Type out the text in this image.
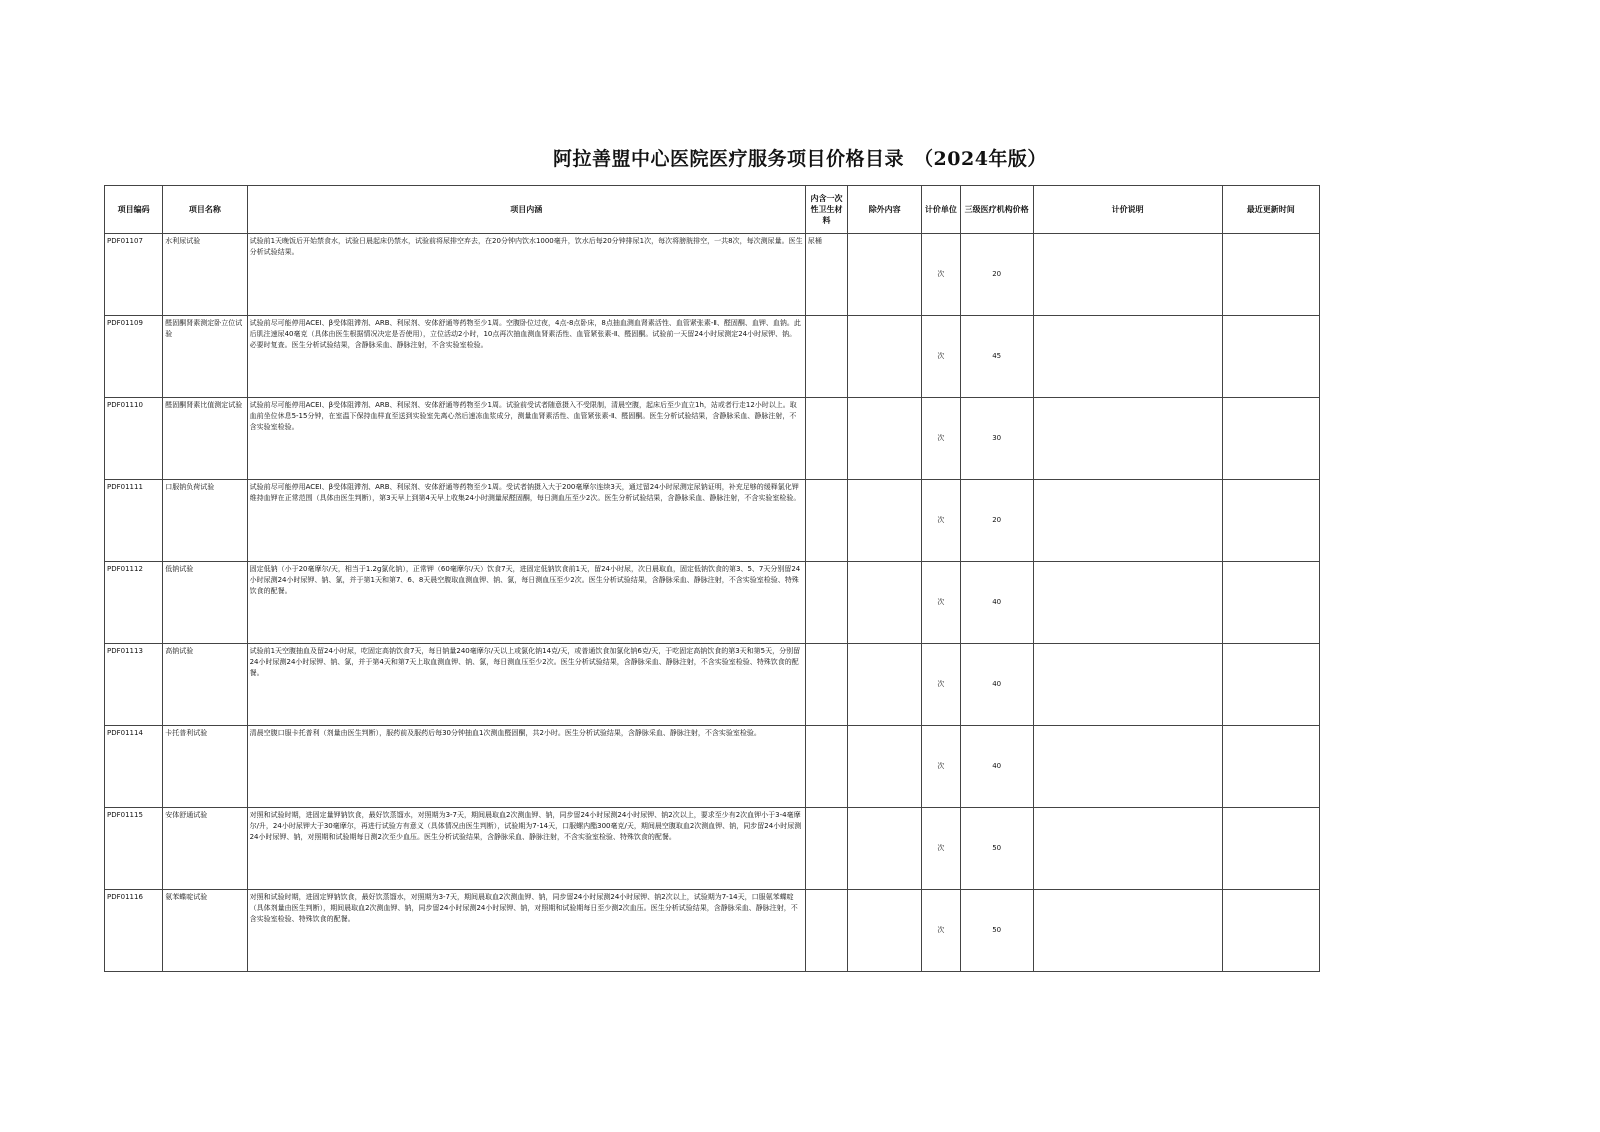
阿拉善盟中心医院医疗服务项目价格目录　（2024年版）
项目编码	项目名称	项目内涵	内含一次性卫生材料	除外内容	计价单位	三级医疗机构价格	计价说明	最近更新时间
PDF01107	水利尿试验	试验前1天晚饭后开始禁食水，试验日晨起床仍禁水，试验前将尿排空弃去，在20分钟内饮水1000毫升，饮水后每20分钟排尿1次，每次将膀胱排空，一共8次，每次测尿量。医生分析试验结果。	尿桶		次	20		
PDF01109	醛固酮肾素测定卧立位试验	试验前尽可能停用ACEI、β受体阻滞剂、ARB、利尿剂、安体舒通等药物至少1周。空腹卧位过夜，4点-8点卧床，8点抽血测血肾素活性、血管紧张素-Ⅱ、醛固酮、血钾、血钠。此后肌注速尿40毫克（具体由医生根据情况决定是否使用），立位活动2小时，10点再次抽血测血肾素活性、血管紧张素-Ⅱ、醛固酮。试验前一天留24小时尿测定24小时尿钾、钠。必要时复查。医生分析试验结果，含静脉采血、静脉注射，不含实验室检验。			次	45		
PDF01110	醛固酮肾素比值测定试验	试验前尽可能停用ACEI、β受体阻滞剂、ARB、利尿剂、安体舒通等药物至少1周。试验前受试者随意摄入不受限制，清晨空腹，起床后至少直立1h，站或者行走12小时以上。取血前坐位休息5-15分钟，在室温下保持血样直至送到实验室先离心然后速冻血浆成分，测量血肾素活性、血管紧张素-Ⅱ、醛固酮。医生分析试验结果，含静脉采血、静脉注射，不含实验室检验。			次	30		
PDF01111	口服钠负荷试验	试验前尽可能停用ACEI、β受体阻滞剂、ARB、利尿剂、安体舒通等药物至少1周。受试者钠摄入大于200毫摩尔连续3天，通过留24小时尿测定尿钠证明，补充足够的缓释氯化钾维持血钾在正常范围（具体由医生判断），第3天早上到第4天早上收集24小时测量尿醛固酮，每日测血压至少2次。医生分析试验结果，含静脉采血、静脉注射，不含实验室检验。			次	20		
PDF01112	低钠试验	固定低钠（小于20毫摩尔/天，相当于1.2g氯化钠），正常钾（60毫摩尔/天）饮食7天，进固定低钠饮食前1天，留24小时尿，次日晨取血，固定低钠饮食的第3、5、7天分别留24小时尿测24小时尿钾、钠、氯，并于第1天和第7、6、8天晨空腹取血测血钾、钠、氯，每日测血压至少2次。医生分析试验结果，含静脉采血、静脉注射，不含实验室检验、特殊饮食的配餐。			次	40		
PDF01113	高钠试验	试验前1天空腹抽血及留24小时尿，吃固定高钠饮食7天，每日钠量240毫摩尔/天以上或氯化钠14克/天，或普通饮食加氯化钠6克/天，于吃固定高钠饮食的第3天和第5天，分别留24小时尿测24小时尿钾、钠、氯，并于第4天和第7天上取血测血钾、钠、氯，每日测血压至少2次。医生分析试验结果，含静脉采血、静脉注射，不含实验室检验、特殊饮食的配餐。			次	40		
PDF01114	卡托普利试验	清晨空腹口服卡托普利（剂量由医生判断），服药前及服药后每30分钟抽血1次测血醛固酮，共2小时。医生分析试验结果，含静脉采血、静脉注射，不含实验室检验。			次	40		
PDF01115	安体舒通试验	对照和试验时期，进固定量钾钠饮食，最好饮蒸馏水，对照期为3-7天，期间晨取血2次测血钾、钠，同步留24小时尿测24小时尿钾、钠2次以上，要求至少有2次血钾小于3-4毫摩尔/升，24小时尿钾大于30毫摩尔，再进行试验方有意义（具体情况由医生判断），试验期为7-14天，口服螺内酯300毫克/天，期间晨空腹取血2次测血钾、钠，同步留24小时尿测24小时尿钾、钠，对照期和试验期每日测2次至少血压。医生分析试验结果，含静脉采血、静脉注射，不含实验室检验、特殊饮食的配餐。			次	50		
PDF01116	氨苯蝶啶试验	对照和试验时期，进固定钾钠饮食，最好饮蒸馏水，对照期为3-7天，期间晨取血2次测血钾、钠，同步留24小时尿测24小时尿钾、钠2次以上，试验期为7-14天，口服氨苯蝶啶（具体剂量由医生判断），期间晨取血2次测血钾、钠，同步留24小时尿测24小时尿钾、钠，对照期和试验期每日至少测2次血压。医生分析试验结果，含静脉采血、静脉注射，不含实验室检验、特殊饮食的配餐。			次	50		
